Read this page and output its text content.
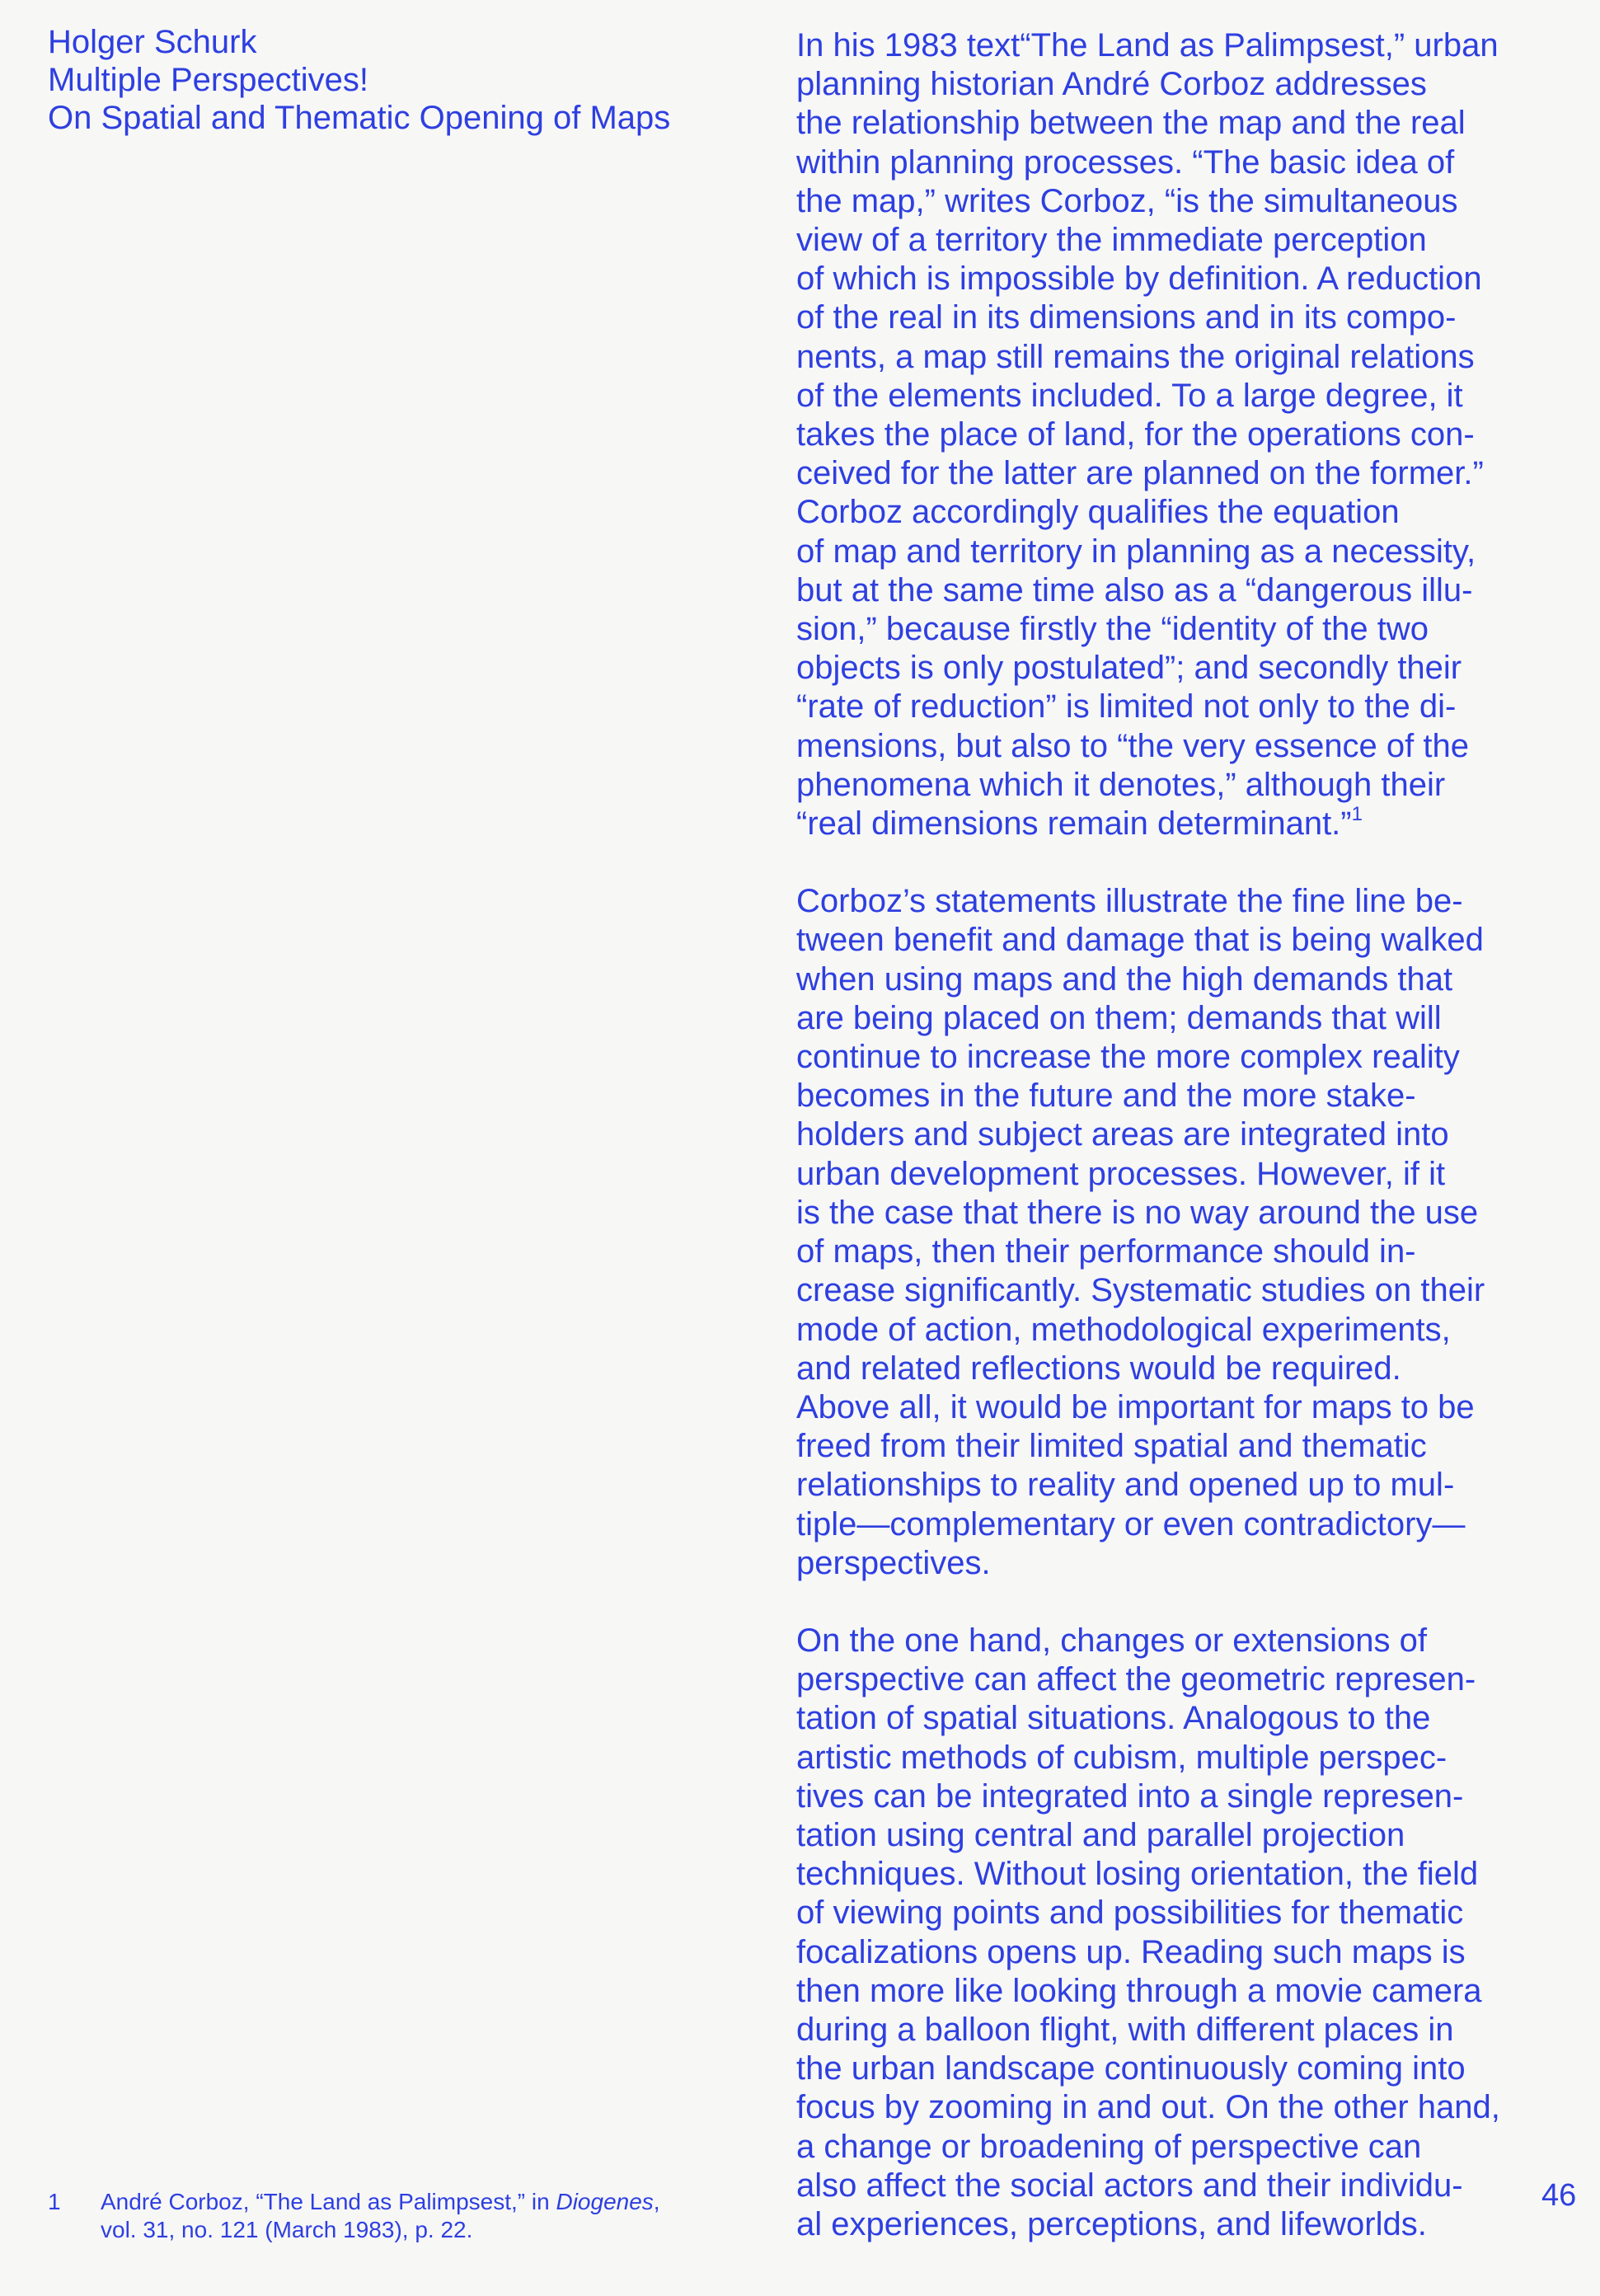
Holger Schurk
Multiple Perspectives!
On Spatial and Thematic Opening of Maps
In his 1983 text“The Land as Palimpsest,” urban
planning historian André Corboz addresses
the relationship between the map and the real
within planning processes. “The basic idea of
the map,” writes Corboz, “is the simultaneous
view of a territory the immediate perception
of which is impossible by definition. A reduction
of the real in its dimensions and in its compo-
nents, a map still remains the original relations
of the elements included. To a large degree, it
takes the place of land, for the operations con-
ceived for the latter are planned on the former.”
Corboz accordingly qualifies the equation
of map and territory in planning as a necessity,
but at the same time also as a “dangerous illu-
sion,” because firstly the “identity of the two
objects is only postulated”; and secondly their
“rate of reduction” is limited not only to the di-
mensions, but also to “the very essence of the
phenomena which it denotes,” although their
“real dimensions remain determinant.”$^1$
Corboz’s statements illustrate the fine line be-
tween benefit and damage that is being walked
when using maps and the high demands that
are being placed on them; demands that will
continue to increase the more complex reality
becomes in the future and the more stake-
holders and subject areas are integrated into
urban development processes. However, if it
is the case that there is no way around the use
of maps, then their performance should in-
crease significantly. Systematic studies on their
mode of action, methodological experiments,
and related reflections would be required.
Above all, it would be important for maps to be
freed from their limited spatial and thematic
relationships to reality and opened up to mul-
tiple—complementary or even contradictory—
perspectives.
On the one hand, changes or extensions of
perspective can affect the geometric represen-
tation of spatial situations. Analogous to the
artistic methods of cubism, multiple perspec-
tives can be integrated into a single represen-
tation using central and parallel projection
techniques. Without losing orientation, the field
of viewing points and possibilities for thematic
focalizations opens up. Reading such maps is
then more like looking through a movie camera
during a balloon flight, with different places in
the urban landscape continuously coming into
focus by zooming in and out. On the other hand,
a change or broadening of perspective can
also affect the social actors and their individu-
al experiences, perceptions, and lifeworlds.
1 André Corboz, “The Land as Palimpsest,” in Diogenes,
vol. 31, no. 121 (March 1983), p. 22.
46
